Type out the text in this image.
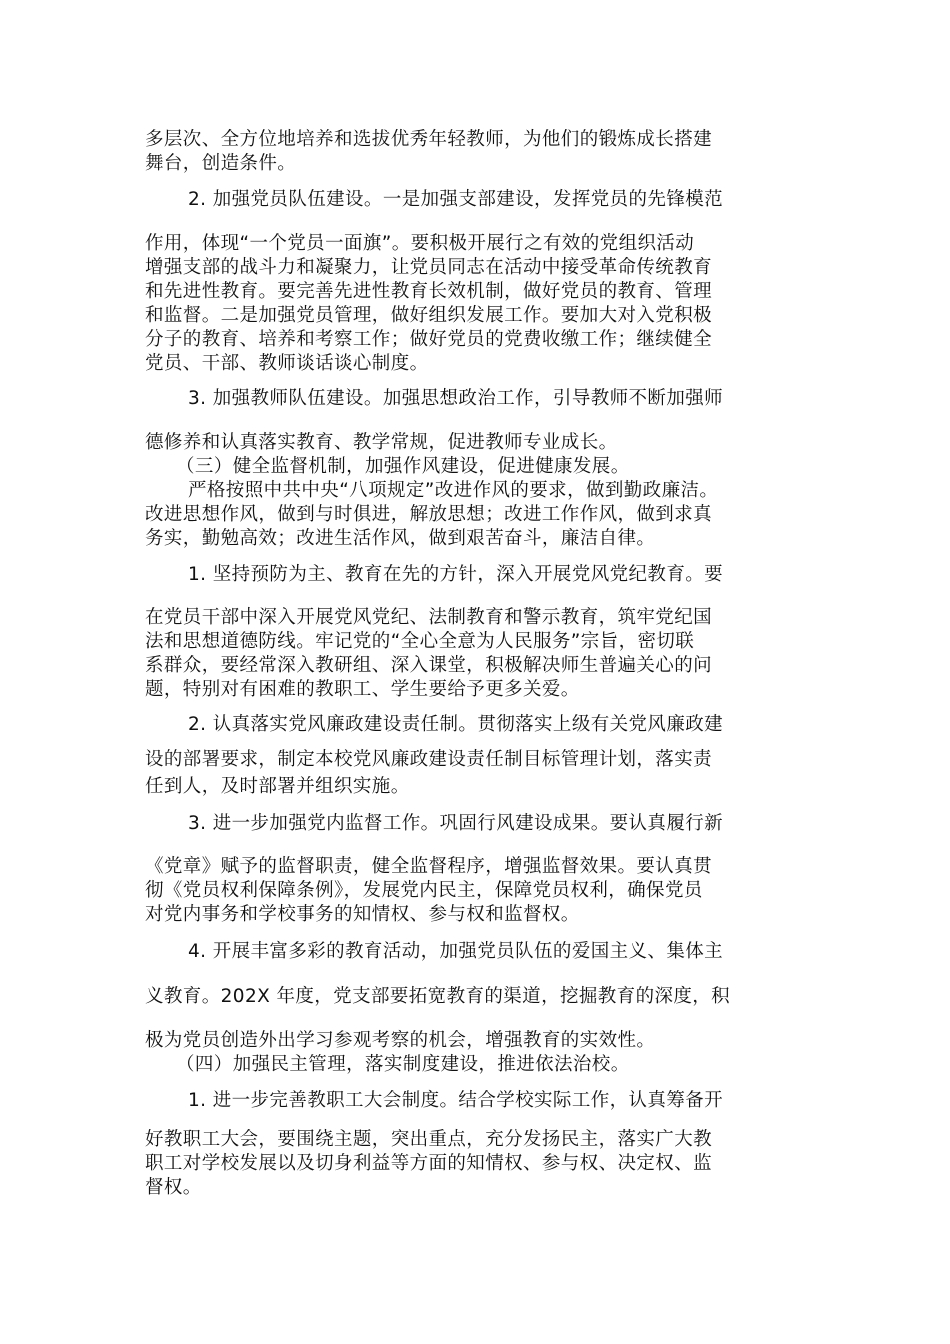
多层次、全方位地培养和选拔优秀年轻教师，为他们的锻炼成长搭建
舞台，创造条件。
2. 加强党员队伍建设。一是加强支部建设，发挥党员的先锋模范
作用，体现“一个党员一面旗”。要积极开展行之有效的党组织活动
增强支部的战斗力和凝聚力，让党员同志在活动中接受革命传统教育
和先进性教育。要完善先进性教育长效机制，做好党员的教育、管理
和监督。二是加强党员管理，做好组织发展工作。要加大对入党积极
分子的教育、培养和考察工作；做好党员的党费收缴工作；继续健全
党员、干部、教师谈话谈心制度。
3. 加强教师队伍建设。加强思想政治工作，引导教师不断加强师
德修养和认真落实教育、教学常规，促进教师专业成长。
（三）健全监督机制，加强作风建设，促进健康发展。
严格按照中共中央“八项规定”改进作风的要求，做到勤政廉洁。
改进思想作风，做到与时俱进，解放思想；改进工作作风，做到求真
务实，勤勉高效；改进生活作风，做到艰苦奋斗，廉洁自律。
1. 坚持预防为主、教育在先的方针，深入开展党风党纪教育。要
在党员干部中深入开展党风党纪、法制教育和警示教育，筑牢党纪国
法和思想道德防线。牢记党的“全心全意为人民服务”宗旨，密切联
系群众，要经常深入教研组、深入课堂，积极解决师生普遍关心的问
题，特别对有困难的教职工、学生要给予更多关爱。
2. 认真落实党风廉政建设责任制。贯彻落实上级有关党风廉政建
设的部署要求，制定本校党风廉政建设责任制目标管理计划，落实责
任到人，及时部署并组织实施。
3. 进一步加强党内监督工作。巩固行风建设成果。要认真履行新
《党章》赋予的监督职责，健全监督程序，增强监督效果。要认真贯
彻《党员权利保障条例》，发展党内民主，保障党员权利，确保党员
对党内事务和学校事务的知情权、参与权和监督权。
4. 开展丰富多彩的教育活动，加强党员队伍的爱国主义、集体主
义教育。202X 年度，党支部要拓宽教育的渠道，挖掘教育的深度，积
极为党员创造外出学习参观考察的机会，增强教育的实效性。
（四）加强民主管理，落实制度建设，推进依法治校。
1. 进一步完善教职工大会制度。结合学校实际工作，认真筹备开
好教职工大会，要围绕主题，突出重点，充分发扬民主，落实广大教
职工对学校发展以及切身利益等方面的知情权、参与权、决定权、监
督权。
